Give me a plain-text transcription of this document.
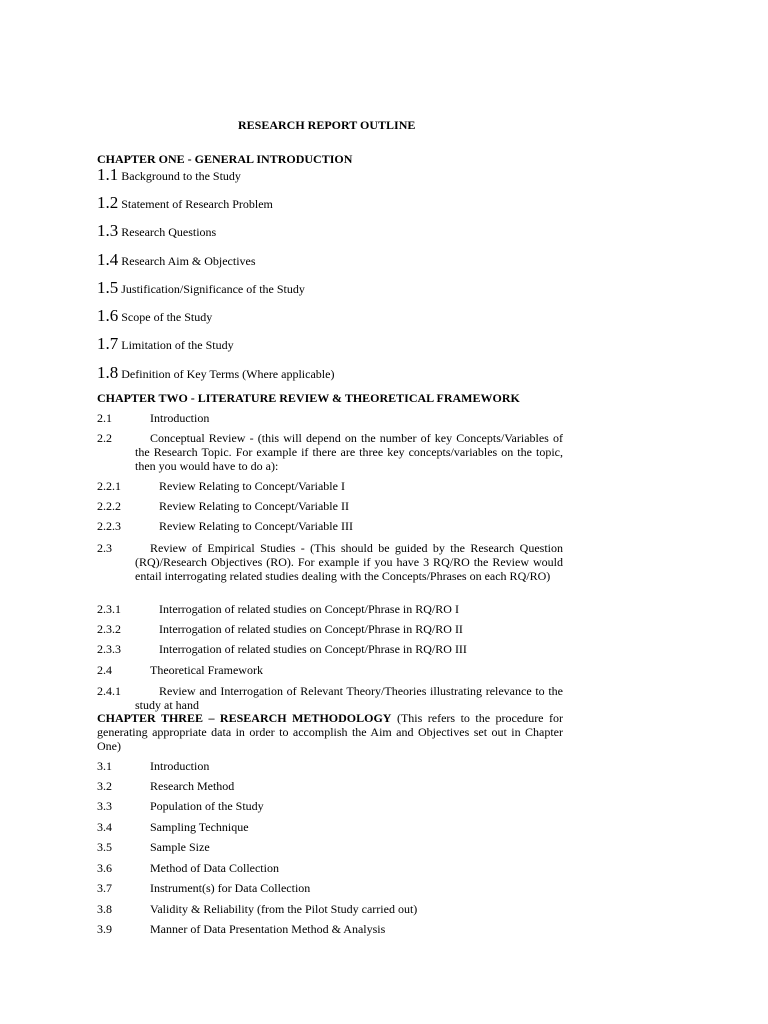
RESEARCH REPORT OUTLINE

CHAPTER ONE - GENERAL INTRODUCTION

1.1 Background to the Study
1.2 Statement of Research Problem
1.3 Research Questions
1.4 Research Aim & Objectives
1.5 Justification/Significance of the Study
1.6 Scope of the Study
1.7 Limitation of the Study
1.8 Definition of Key Terms (Where applicable)

CHAPTER TWO - LITERATURE REVIEW & THEORETICAL FRAMEWORK

2.1	Introduction
2.2	Conceptual Review - (this will depend on the number of key Concepts/Variables of the Research Topic. For example if there are three key concepts/variables on the topic, then you would have to do a):
2.2.1	Review Relating to Concept/Variable I
2.2.2	Review Relating to Concept/Variable II
2.2.3	Review Relating to Concept/Variable III
2.3	Review of Empirical Studies - (This should be guided by the Research Question (RQ)/Research Objectives (RO). For example if you have 3 RQ/RO the Review would entail interrogating related studies dealing with the Concepts/Phrases on each RQ/RO)
2.3.1	Interrogation of related studies on Concept/Phrase in RQ/RO I
2.3.2	Interrogation of related studies on Concept/Phrase in RQ/RO II
2.3.3	Interrogation of related studies on Concept/Phrase in RQ/RO III
2.4	Theoretical Framework
2.4.1	Review and Interrogation of Relevant Theory/Theories illustrating relevance to the study at hand

CHAPTER THREE – RESEARCH METHODOLOGY (This refers to the procedure for generating appropriate data in order to accomplish the Aim and Objectives set out in Chapter One)

3.1	Introduction
3.2	Research Method
3.3	Population of the Study
3.4	Sampling Technique
3.5	Sample Size
3.6	Method of Data Collection
3.7	Instrument(s) for Data Collection
3.8	Validity & Reliability (from the Pilot Study carried out)
3.9	Manner of Data Presentation Method & Analysis
